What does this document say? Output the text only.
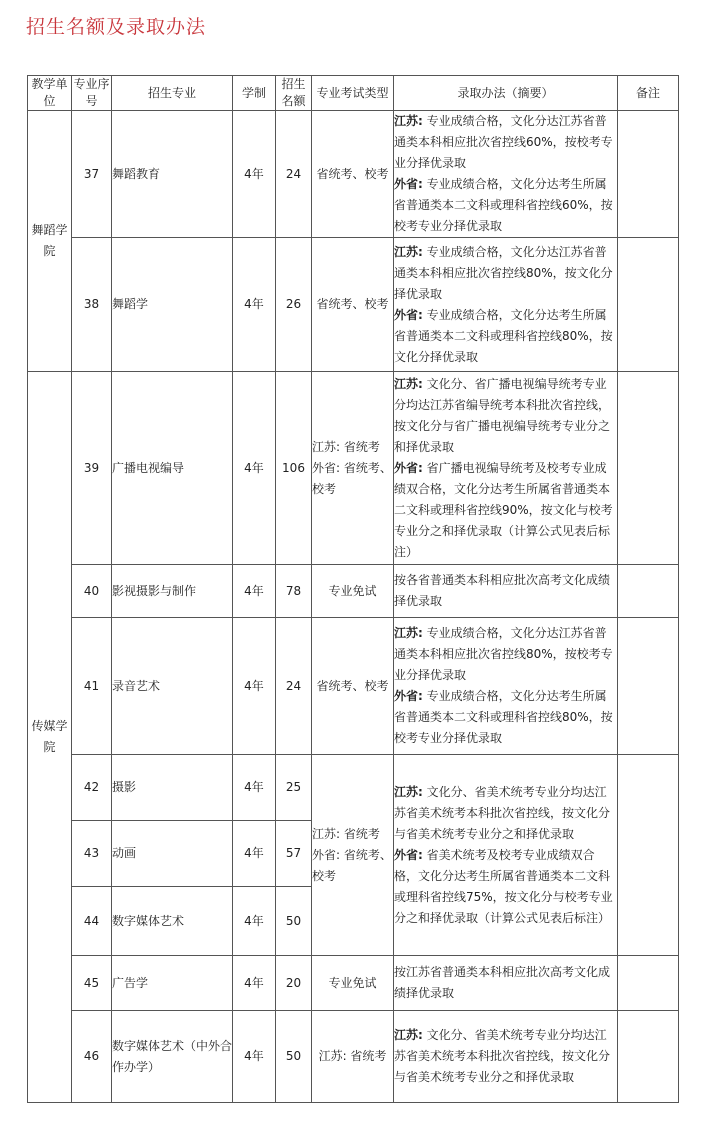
招生名额及录取办法
教学单位	专业序号	招生专业	学制	招生名额	专业考试类型	录取办法（摘要）	备注
舞蹈学院	37	舞蹈教育	4年	24	省统考、校考	江苏: 专业成绩合格，文化分达江苏省普通类本科相应批次省控线60%，按校考专业分择优录取
外省: 专业成绩合格，文化分达考生所属省普通类本二文科或理科省控线60%，按校考专业分择优录取	

	38	舞蹈学	4年	26	省统考、校考	江苏: 专业成绩合格，文化分达江苏省普通类本科相应批次省控线80%，按文化分择优录取
外省: 专业成绩合格，文化分达考生所属省普通类本二文科或理科省控线80%，按文化分择优录取	

传媒学院	39	广播电视编导	4年	106	江苏: 省统考
外省: 省统考、
校考	江苏: 文化分、省广播电视编导统考专业分均达江苏省编导统考本科批次省控线，按文化分与省广播电视编导统考专业分之和择优录取
外省: 省广播电视编导统考及校考专业成绩双合格，文化分达考生所属省普通类本二文科或理科省控线90%，按文化与校考专业分之和择优录取（计算公式见表后标注）	

	40	影视摄影与制作	4年	78	专业免试	按各省普通类本科相应批次高考文化成绩择优录取	
	41	录音艺术	4年	24	省统考、校考	江苏: 专业成绩合格，文化分达江苏省普通类本科相应批次省控线80%，按校考专业分择优录取
外省: 专业成绩合格，文化分达考生所属省普通类本二文科或理科省控线80%，按校考专业分择优录取	

	42	摄影	4年	25	江苏: 省统考
外省: 省统考、
校考	江苏: 文化分、省美术统考专业分均达江苏省美术统考本科批次省控线，按文化分与省美术统考专业分之和择优录取
外省: 省美术统考及校考专业成绩双合格，文化分达考生所属省普通类本二文科或理科省控线75%，按文化分与校考专业分之和择优录取（计算公式见表后标注）	

	43	动画	4年	57			
	44	数字媒体艺术	4年	50			
	45	广告学	4年	20	专业免试	按江苏省普通类本科相应批次高考文化成绩择优录取	
	46	数字媒体艺术（中外合作办学）	4年	50	江苏: 省统考	江苏: 文化分、省美术统考专业分均达江苏省美术统考本科批次省控线，按文化分与省美术统考专业分之和择优录取	
